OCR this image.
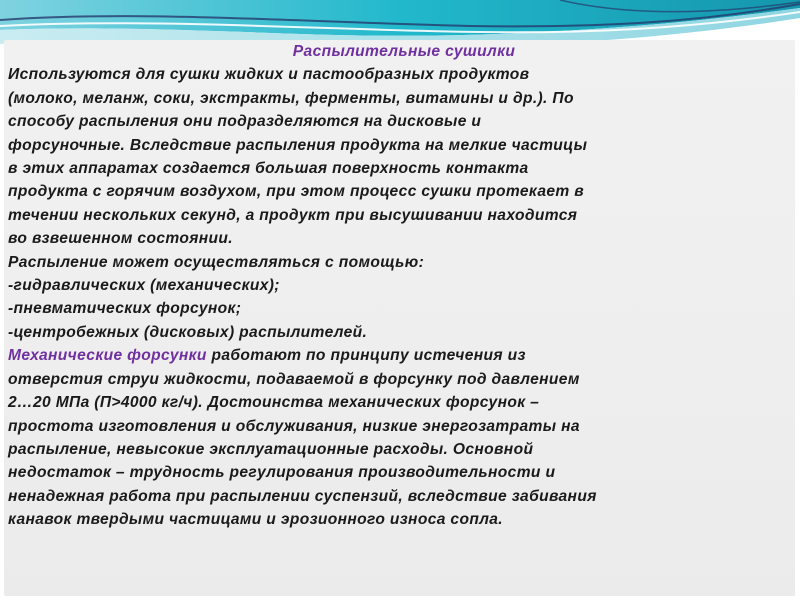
Распылительные сушилки

Используются для сушки жидких и пастообразных продуктов

(молоко, меланж, соки, экстракты, ферменты, витамины и др.). По

способу распыления они подразделяются на дисковые и

форсуночные. Вследствие распыления продукта на мелкие частицы

в этих аппаратах создается большая поверхность контакта

продукта с горячим воздухом, при этом процесс сушки протекает в

течении нескольких секунд, а продукт при высушивании находится

во взвешенном состоянии.

Распыление может осуществляться с помощью:

-гидравлических (механических);

-пневматических форсунок;

-центробежных (дисковых) распылителей.

Механические форсунки работают по принципу истечения из

отверстия струи жидкости, подаваемой в форсунку под давлением

2…20 МПа (П>4000 кг/ч). Достоинства механических форсунок –

простота изготовления и обслуживания, низкие энергозатраты на

распыление, невысокие эксплуатационные расходы. Основной

недостаток – трудность регулирования производительности и

ненадежная работа при распылении суспензий, вследствие забивания

канавок твердыми частицами и эрозионного износа сопла.
